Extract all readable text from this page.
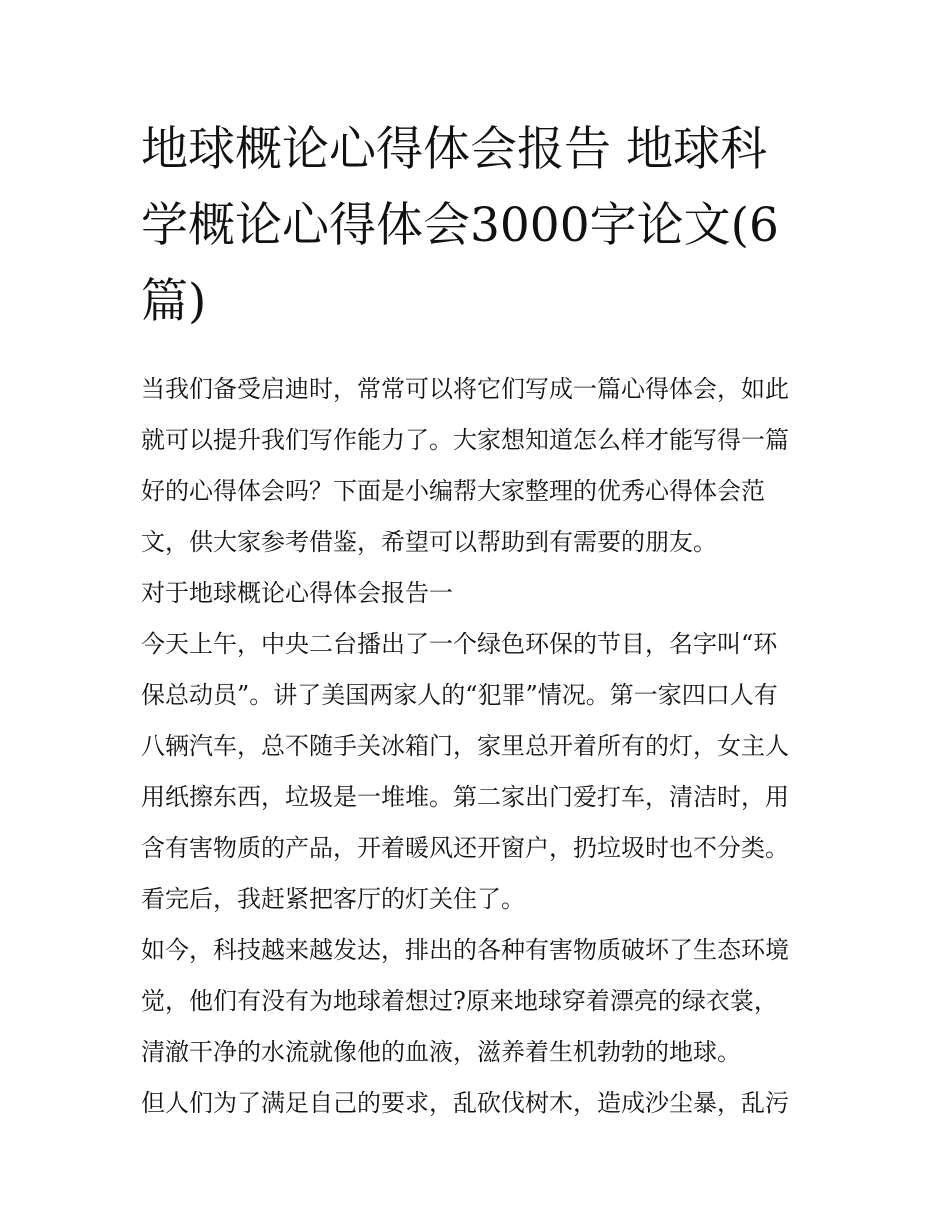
地球概论心得体会报告 地球科
学概论心得体会3000字论文(6
篇)

当我们备受启迪时，常常可以将它们写成一篇心得体会，如此
就可以提升我们写作能力了。大家想知道怎么样才能写得一篇
好的心得体会吗？下面是小编帮大家整理的优秀心得体会范
文，供大家参考借鉴，希望可以帮助到有需要的朋友。

对于地球概论心得体会报告一

今天上午，中央二台播出了一个绿色环保的节目，名字叫“环
保总动员”。讲了美国两家人的“犯罪”情况。第一家四口人有
八辆汽车，总不随手关冰箱门，家里总开着所有的灯，女主人
用纸擦东西，垃圾是一堆堆。第二家出门爱打车，清洁时，用
含有害物质的产品，开着暖风还开窗户，扔垃圾时也不分类。
看完后，我赶紧把客厅的灯关住了。

如今，科技越来越发达，排出的各种有害物质破坏了生态环境
觉，他们有没有为地球着想过?原来地球穿着漂亮的绿衣裳，
清澈干净的水流就像他的血液，滋养着生机勃勃的地球。

但人们为了满足自己的要求，乱砍伐树木，造成沙尘暴，乱污
